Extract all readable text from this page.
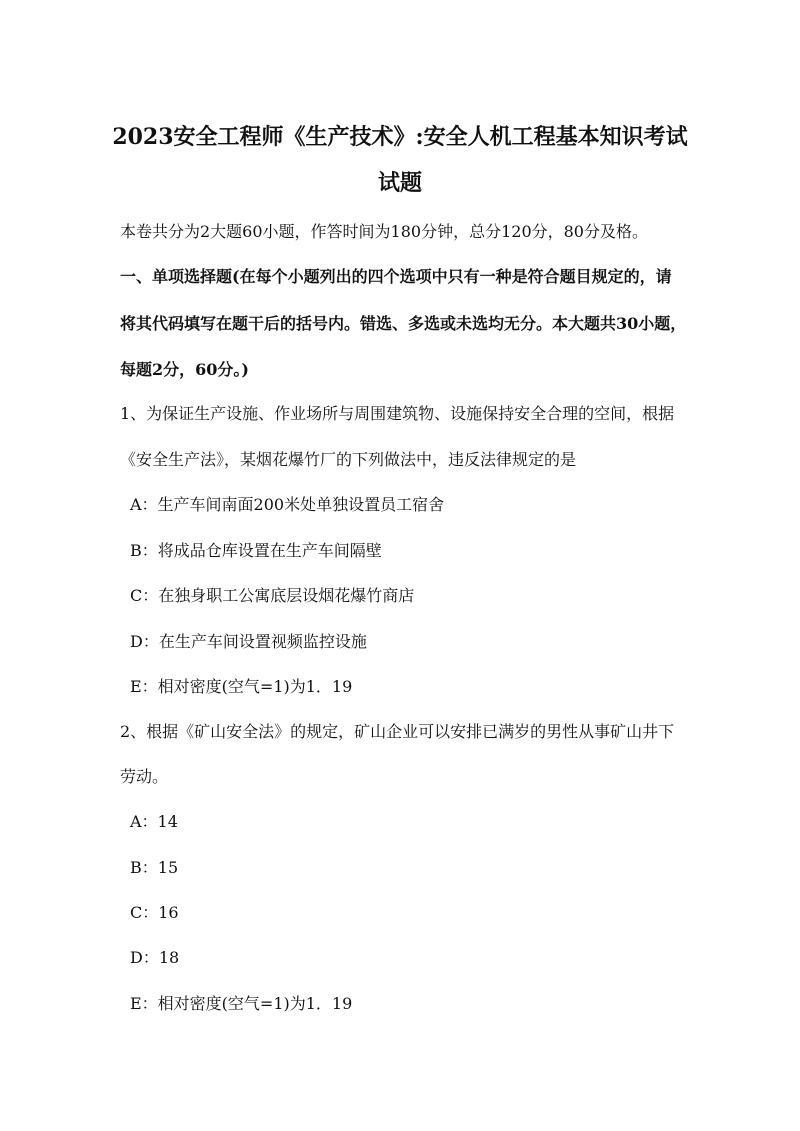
2023安全工程师《生产技术》:安全人机工程基本知识考试
试题
本卷共分为2大题60小题，作答时间为180分钟，总分120分，80分及格。
一、单项选择题(在每个小题列出的四个选项中只有一种是符合题目规定的，请
将其代码填写在题干后的括号内。错选、多选或未选均无分。本大题共30小题，
每题2分，60分。)
1、为保证生产设施、作业场所与周围建筑物、设施保持安全合理的空间，根据
《安全生产法》，某烟花爆竹厂的下列做法中，违反法律规定的是
A：生产车间南面200米处单独设置员工宿舍
B：将成品仓库设置在生产车间隔壁
C：在独身职工公寓底层设烟花爆竹商店
D：在生产车间设置视频监控设施
E：相对密度(空气=1)为1．19
2、根据《矿山安全法》的规定，矿山企业可以安排已满岁的男性从事矿山井下
劳动。
A：14
B：15
C：16
D：18
E：相对密度(空气=1)为1．19
